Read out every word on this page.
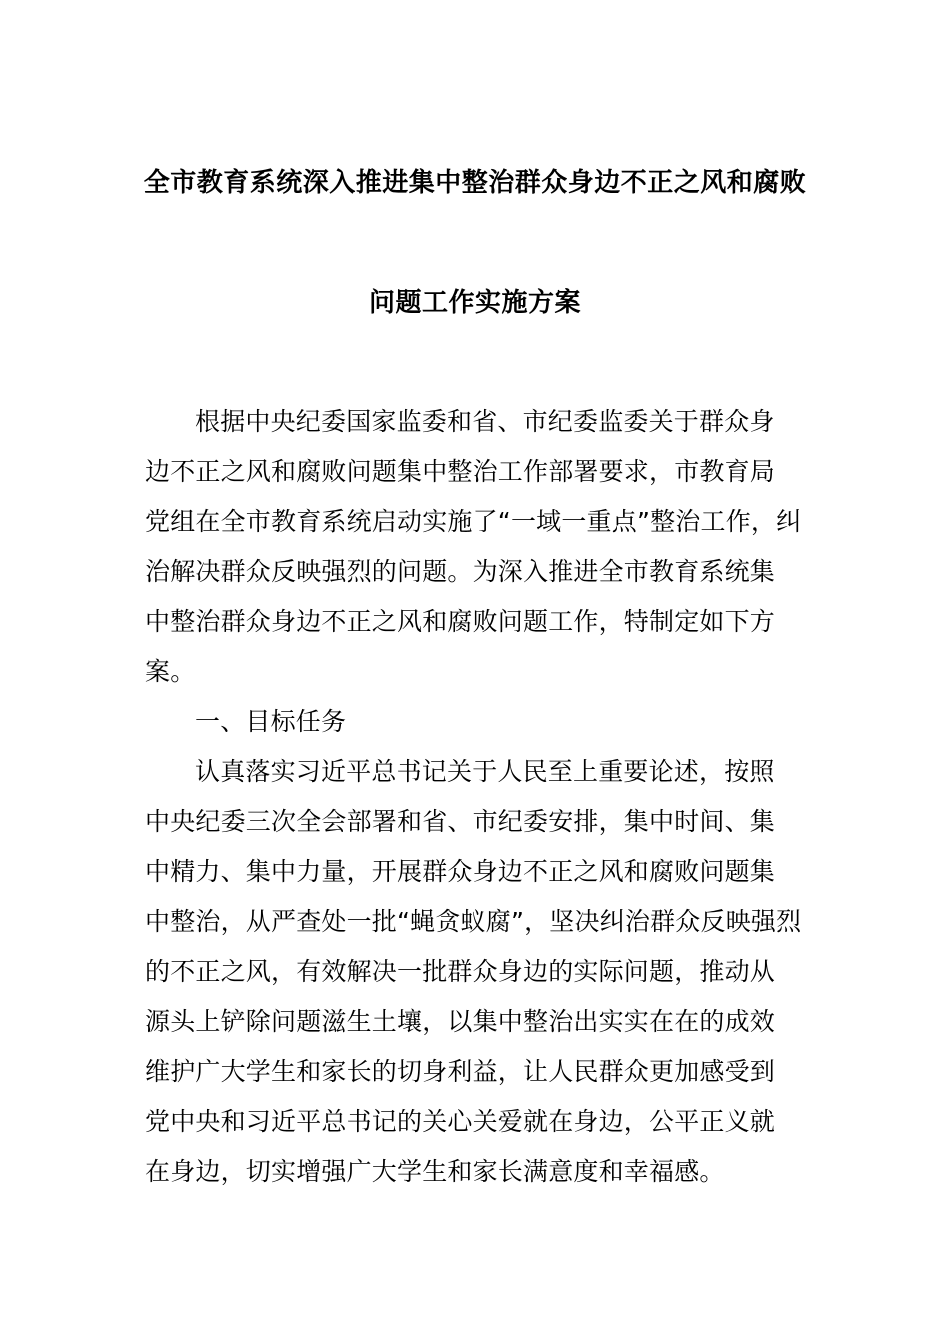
全市教育系统深入推进集中整治群众身边不正之风和腐败
问题工作实施方案
根据中央纪委国家监委和省、市纪委监委关于群众身
边不正之风和腐败问题集中整治工作部署要求，市教育局
党组在全市教育系统启动实施了“一域一重点”整治工作，纠
治解决群众反映强烈的问题。为深入推进全市教育系统集
中整治群众身边不正之风和腐败问题工作，特制定如下方
案。
一、目标任务
认真落实习近平总书记关于人民至上重要论述，按照
中央纪委三次全会部署和省、市纪委安排，集中时间、集
中精力、集中力量，开展群众身边不正之风和腐败问题集
中整治，从严查处一批“蝇贪蚁腐”，坚决纠治群众反映强烈
的不正之风，有效解决一批群众身边的实际问题，推动从
源头上铲除问题滋生土壤，以集中整治出实实在在的成效
维护广大学生和家长的切身利益，让人民群众更加感受到
党中央和习近平总书记的关心关爱就在身边，公平正义就
在身边，切实增强广大学生和家长满意度和幸福感。
